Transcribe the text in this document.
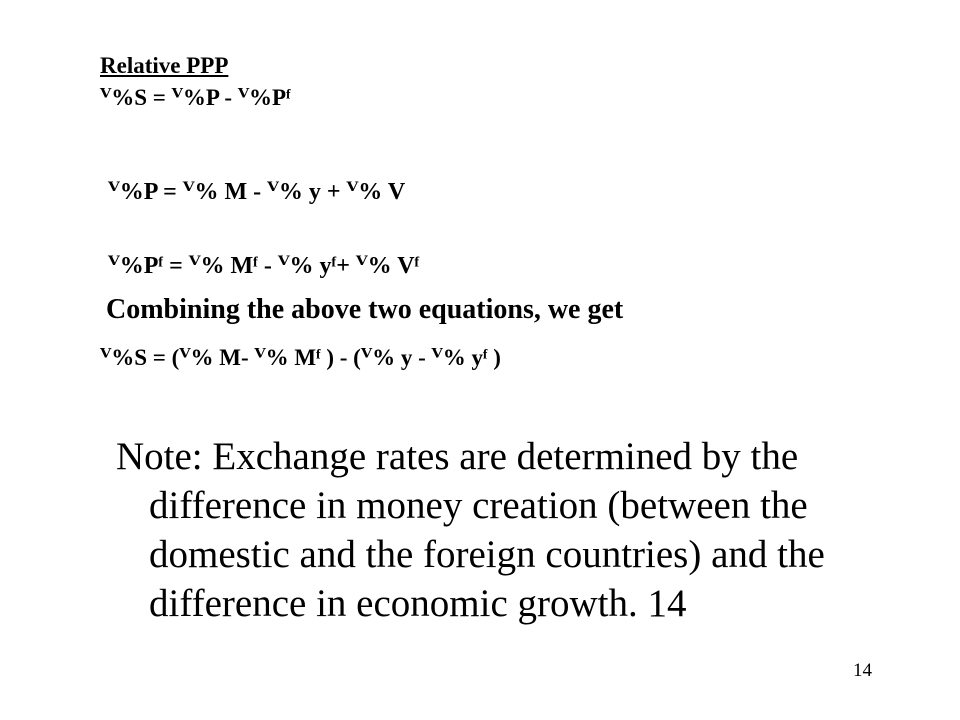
Relative PPP
ⱽ%S = ⱽ%P - ⱽ%Pᶠ
ⱽ%P = ⱽ% M - ⱽ% y + ⱽ% V
ⱽ%Pᶠ = ⱽ% Mᶠ - ⱽ% yᶠ+ ⱽ% Vᶠ
Combining the above two equations, we get
ⱽ%S = (ⱽ% M- ⱽ% Mᶠ ) - (ⱽ% y - ⱽ% yᶠ )
Note: Exchange rates are determined by the difference in money creation (between the domestic and the foreign countries) and the difference in economic growth. 14
14
